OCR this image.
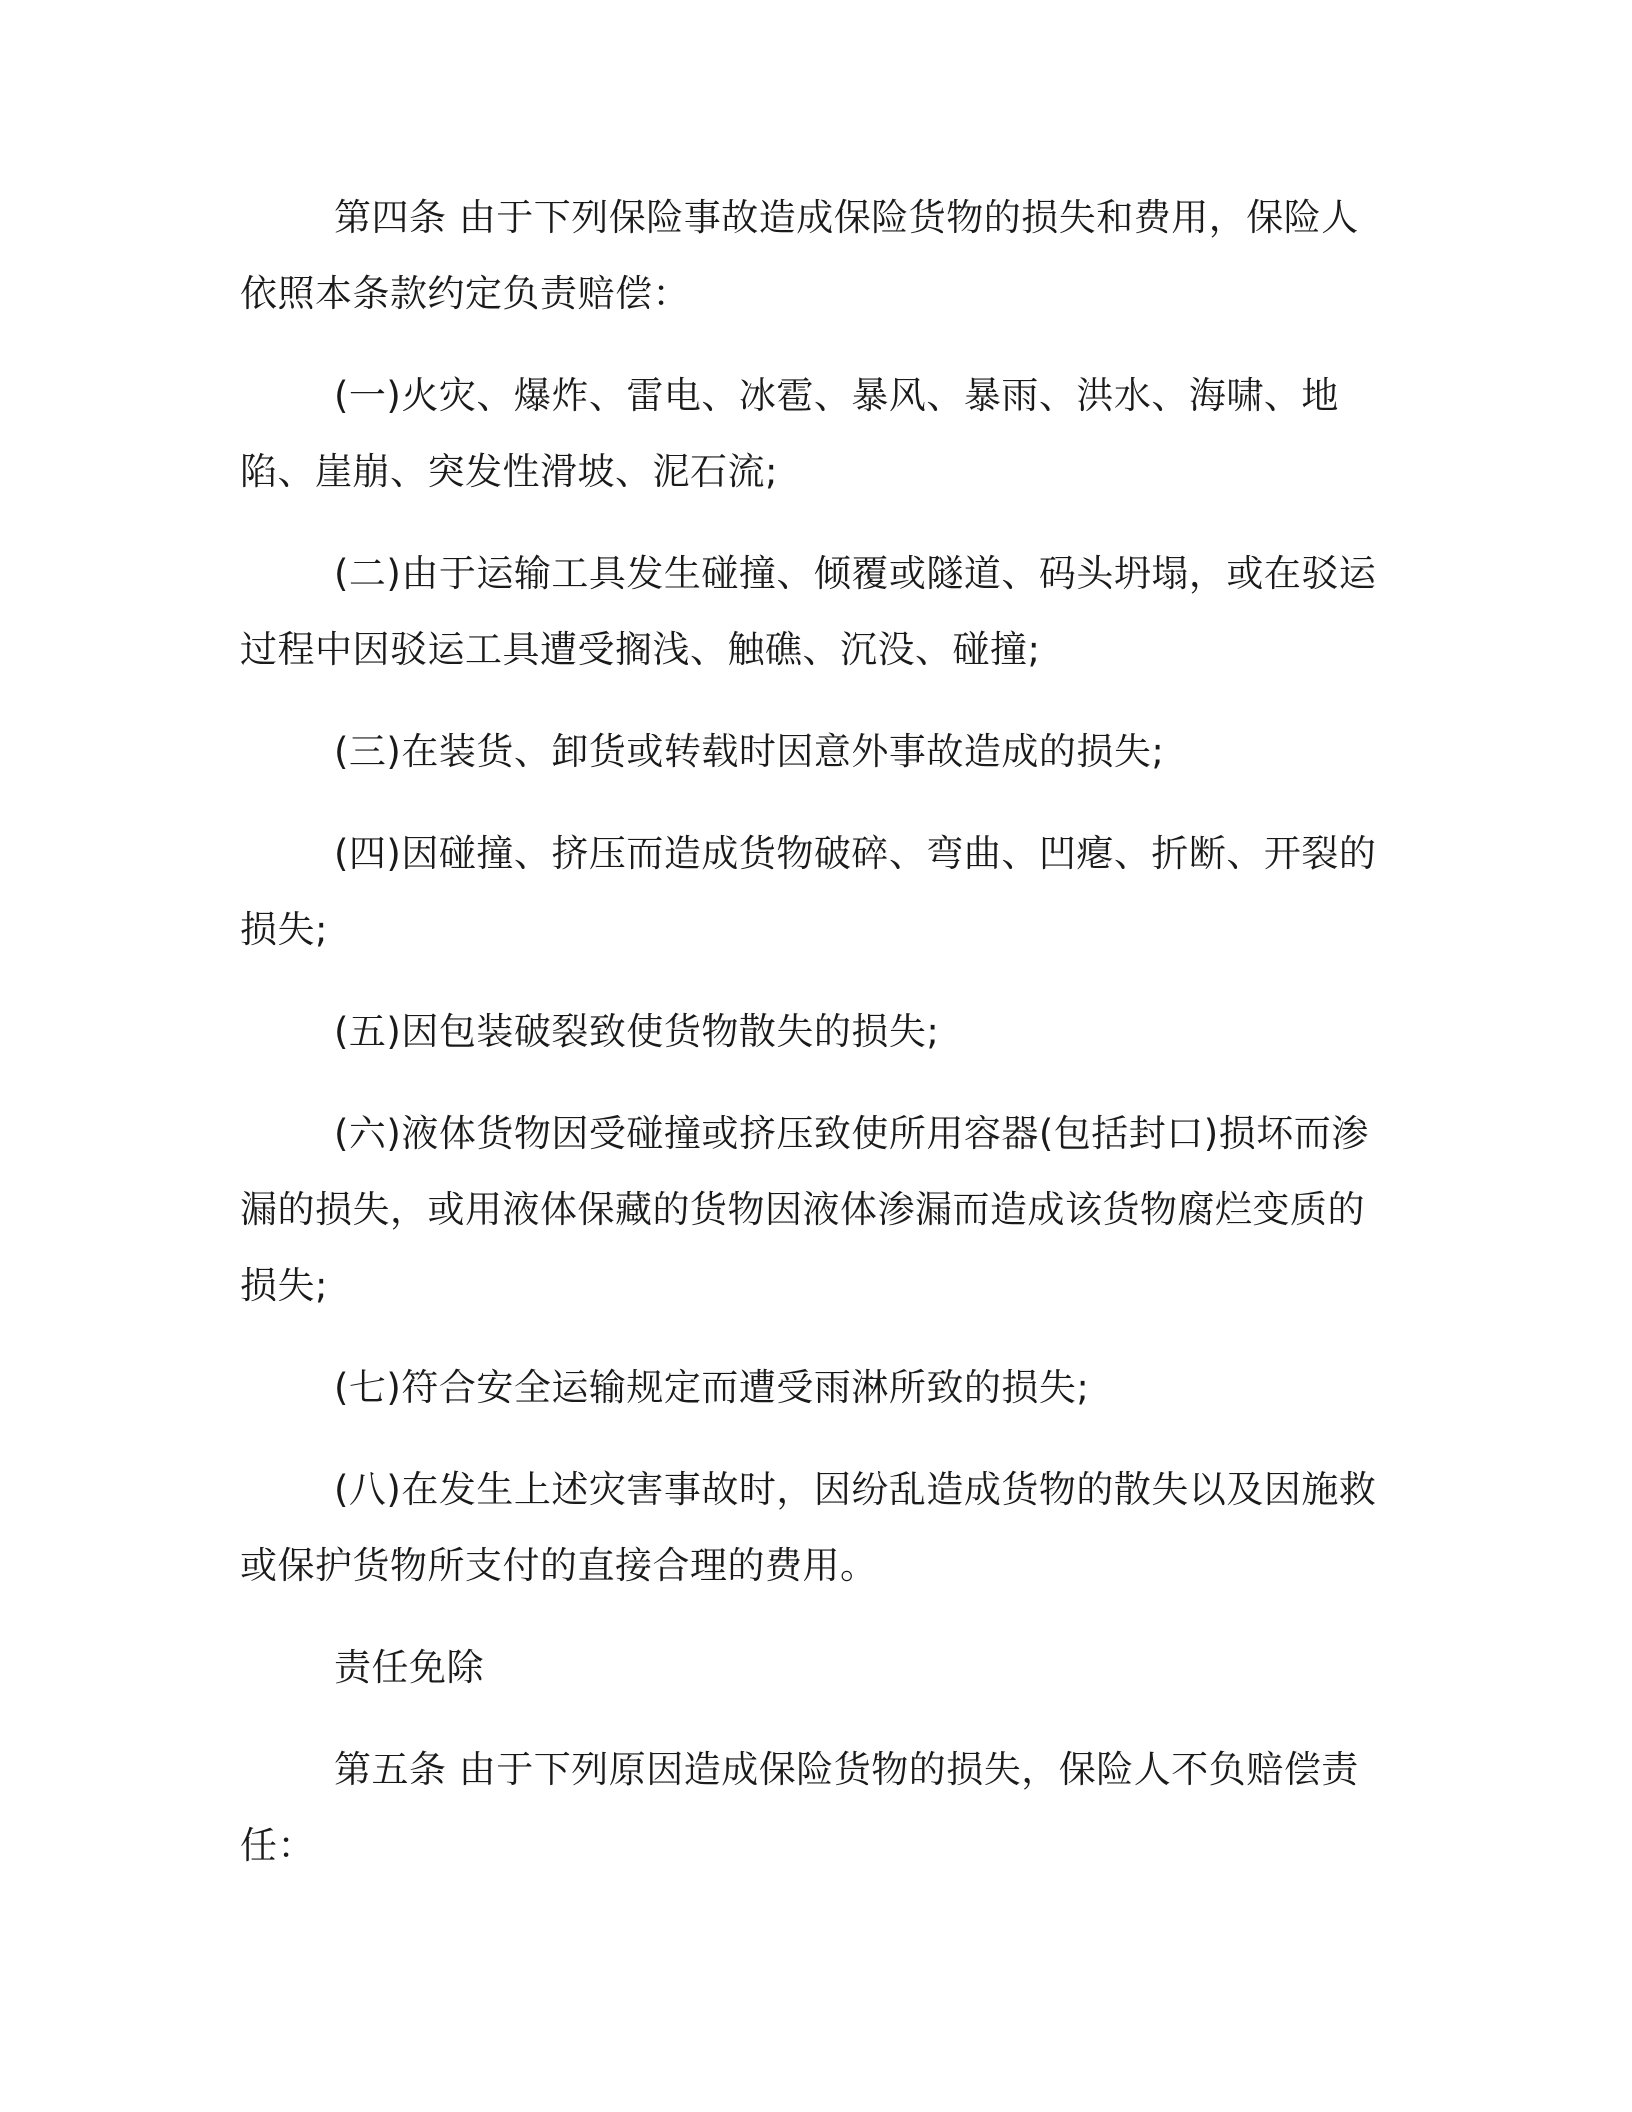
第四条 由于下列保险事故造成保险货物的损失和费用，保险人依照本条款约定负责赔偿：

(一)火灾、爆炸、雷电、冰雹、暴风、暴雨、洪水、海啸、地陷、崖崩、突发性滑坡、泥石流;

(二)由于运输工具发生碰撞、倾覆或隧道、码头坍塌，或在驳运过程中因驳运工具遭受搁浅、触礁、沉没、碰撞;

(三)在装货、卸货或转载时因意外事故造成的损失;

(四)因碰撞、挤压而造成货物破碎、弯曲、凹瘪、折断、开裂的损失;

(五)因包装破裂致使货物散失的损失;

(六)液体货物因受碰撞或挤压致使所用容器(包括封口)损坏而渗漏的损失，或用液体保藏的货物因液体渗漏而造成该货物腐烂变质的损失;

(七)符合安全运输规定而遭受雨淋所致的损失;

(八)在发生上述灾害事故时，因纷乱造成货物的散失以及因施救或保护货物所支付的直接合理的费用。

责任免除

第五条 由于下列原因造成保险货物的损失，保险人不负赔偿责任：
